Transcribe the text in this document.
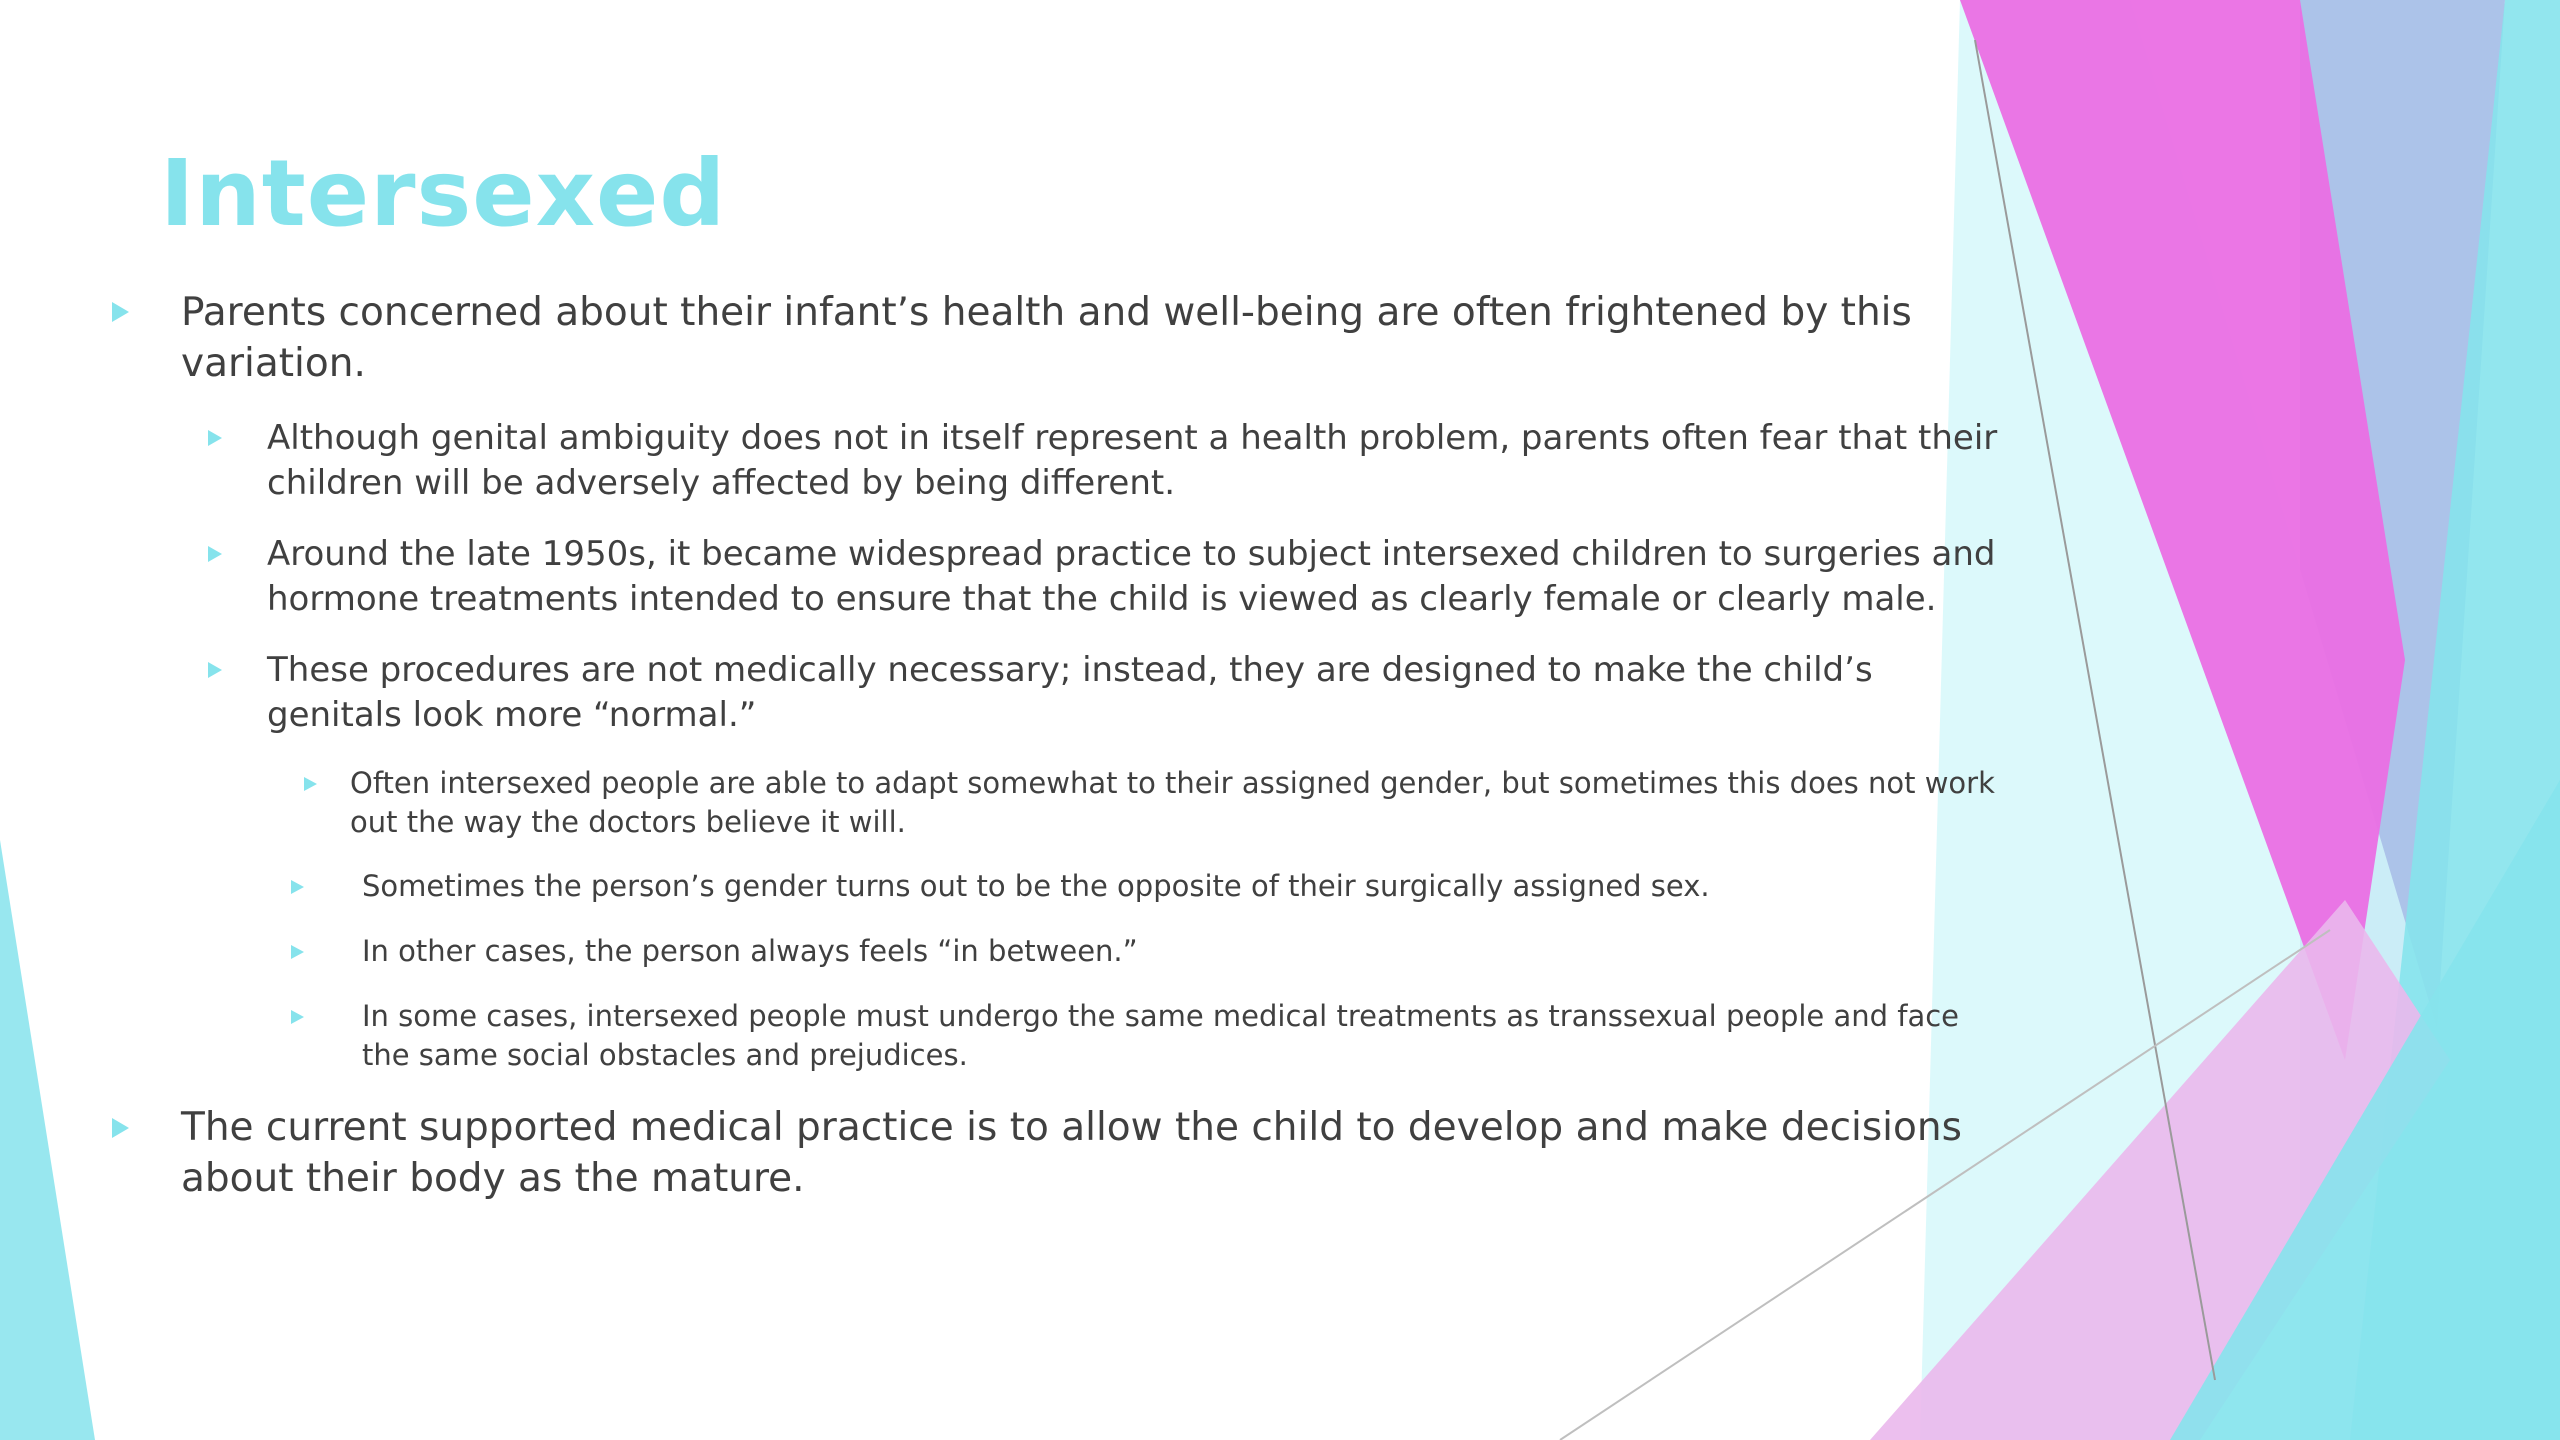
Intersexed

Parents concerned about their infant’s health and well-being are often frightened by this variation.

Although genital ambiguity does not in itself represent a health problem, parents often fear that their children will be adversely affected by being different.

Around the late 1950s, it became widespread practice to subject intersexed children to surgeries and hormone treatments intended to ensure that the child is viewed as clearly female or clearly male.

These procedures are not medically necessary; instead, they are designed to make the child’s genitals look more “normal.”

Often intersexed people are able to adapt somewhat to their assigned gender, but sometimes this does not work out the way the doctors believe it will.

Sometimes the person’s gender turns out to be the opposite of their surgically assigned sex.

In other cases, the person always feels “in between.”

In some cases, intersexed people must undergo the same medical treatments as transsexual people and face the same social obstacles and prejudices.

The current supported medical practice is to allow the child to develop and make decisions about their body as the mature.
